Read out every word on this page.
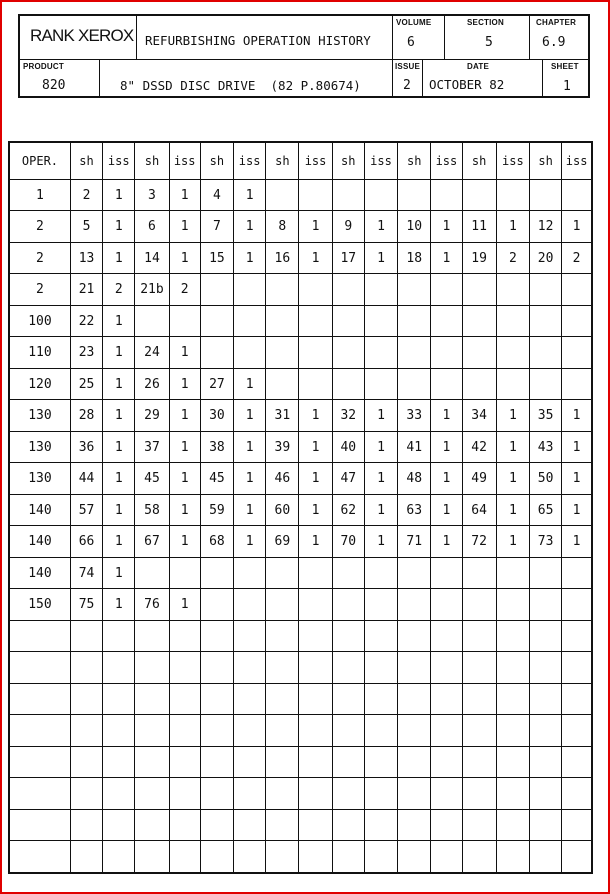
RANK XEROX REFURBISHING OPERATION HISTORY
VOLUME
6
SECTION
5
CHAPTER
6.9
PRODUCT
820	8" DSSD DISC DRIVE  (82 P.80674)
ISSUE
2
DATE
OCTOBER 82
SHEET
1
OPER.	sh	iss	sh	iss	sh	iss	sh	iss	sh	iss	sh	iss	sh	iss	sh	iss
1	2	1	3	1	4	1										
2	5	1	6	1	7	1	8	1	9	1	10	1	11	1	12	1
2	13	1	14	1	15	1	16	1	17	1	18	1	19	2	20	2
2	21	2	21b	2												
100	22	1														
110	23	1	24	1												
120	25	1	26	1	27	1										
130	28	1	29	1	30	1	31	1	32	1	33	1	34	1	35	1
130	36	1	37	1	38	1	39	1	40	1	41	1	42	1	43	1
130	44	1	45	1	45	1	46	1	47	1	48	1	49	1	50	1
140	57	1	58	1	59	1	60	1	62	1	63	1	64	1	65	1
140	66	1	67	1	68	1	69	1	70	1	71	1	72	1	73	1
140	74	1														
150	75	1	76	1												
